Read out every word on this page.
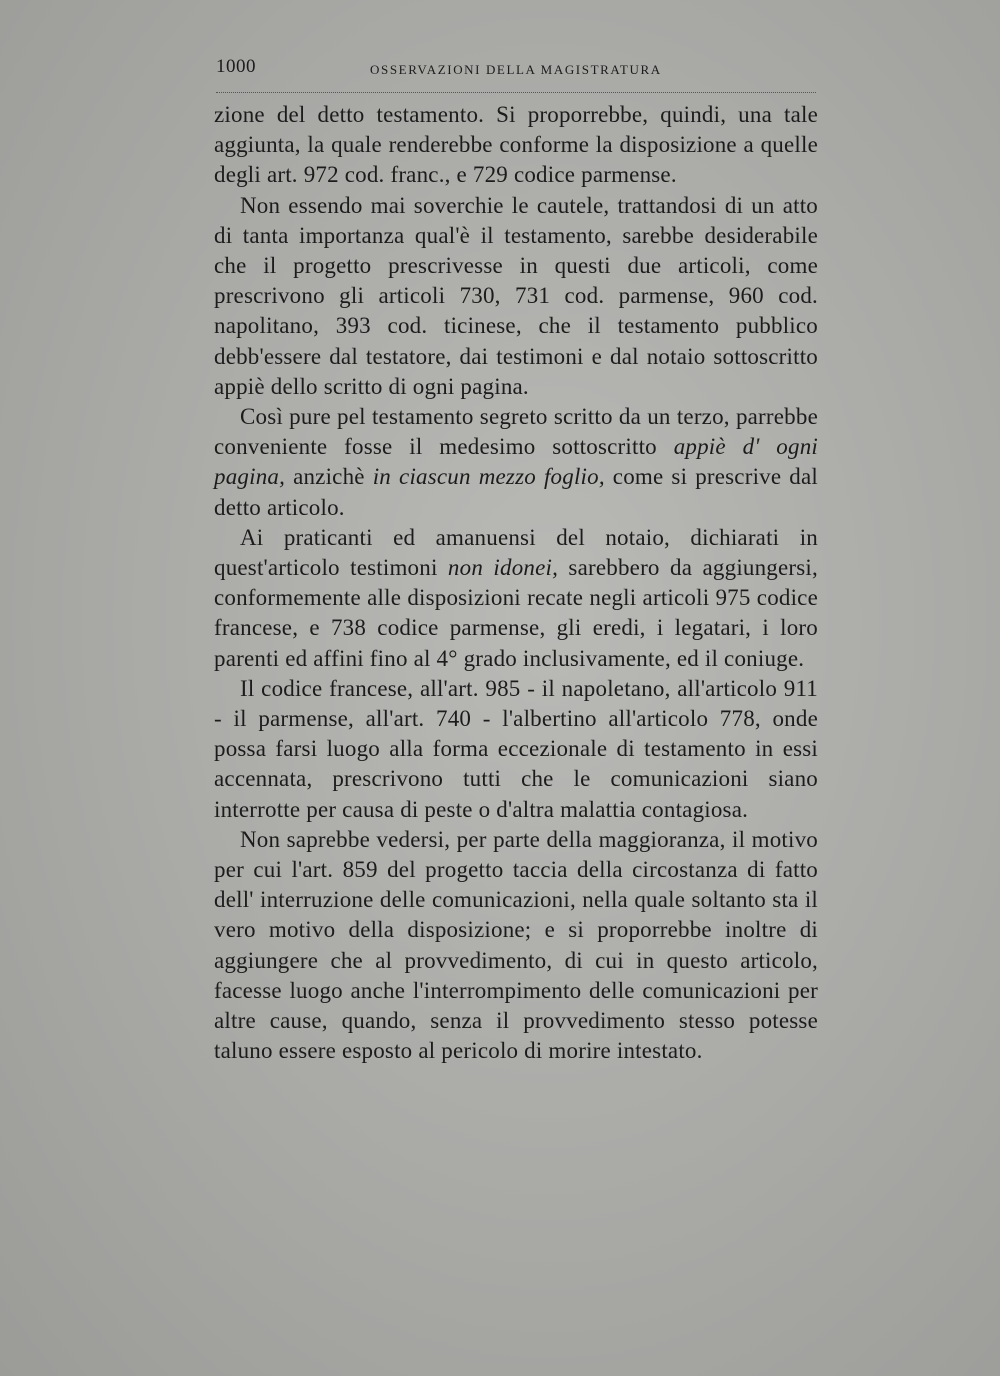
1000	OSSERVAZIONI DELLA MAGISTRATURA

zione del detto testamento. Si proporrebbe, quindi, una tale aggiunta, la quale renderebbe conforme la disposizione a quelle degli art. 972 cod. franc., e 729 codice parmense.

Non essendo mai soverchie le cautele, trattandosi di un atto di tanta importanza qual'è il testamento, sarebbe desiderabile che il progetto prescrivesse in questi due articoli, come prescrivono gli articoli 730, 731 cod. parmense, 960 cod. napolitano, 393 cod. ticinese, che il testamento pubblico debb'essere dal testatore, dai testimoni e dal notaio sottoscritto appiè dello scritto di ogni pagina.

Così pure pel testamento segreto scritto da un terzo, parrebbe conveniente fosse il medesimo sottoscritto appiè d' ogni pagina, anzichè in ciascun mezzo foglio, come si prescrive dal detto articolo.

Ai praticanti ed amanuensi del notaio, dichiarati in quest'articolo testimoni non idonei, sarebbero da aggiungersi, conformemente alle disposizioni recate negli articoli 975 codice francese, e 738 codice parmense, gli eredi, i legatari, i loro parenti ed affini fino al 4° grado inclusivamente, ed il coniuge.

Il codice francese, all'art. 985 - il napoletano, all'articolo 911 - il parmense, all'art. 740 - l'albertino all'articolo 778, onde possa farsi luogo alla forma eccezionale di testamento in essi accennata, prescrivono tutti che le comunicazioni siano interrotte per causa di peste o d'altra malattia contagiosa.

Non saprebbe vedersi, per parte della maggioranza, il motivo per cui l'art. 859 del progetto taccia della circostanza di fatto dell' interruzione delle comunicazioni, nella quale soltanto sta il vero motivo della disposizione; e si proporrebbe inoltre di aggiungere che al provvedimento, di cui in questo articolo, facesse luogo anche l'interrompimento delle comunicazioni per altre cause, quando, senza il provvedimento stesso potesse taluno essere esposto al pericolo di morire intestato.
